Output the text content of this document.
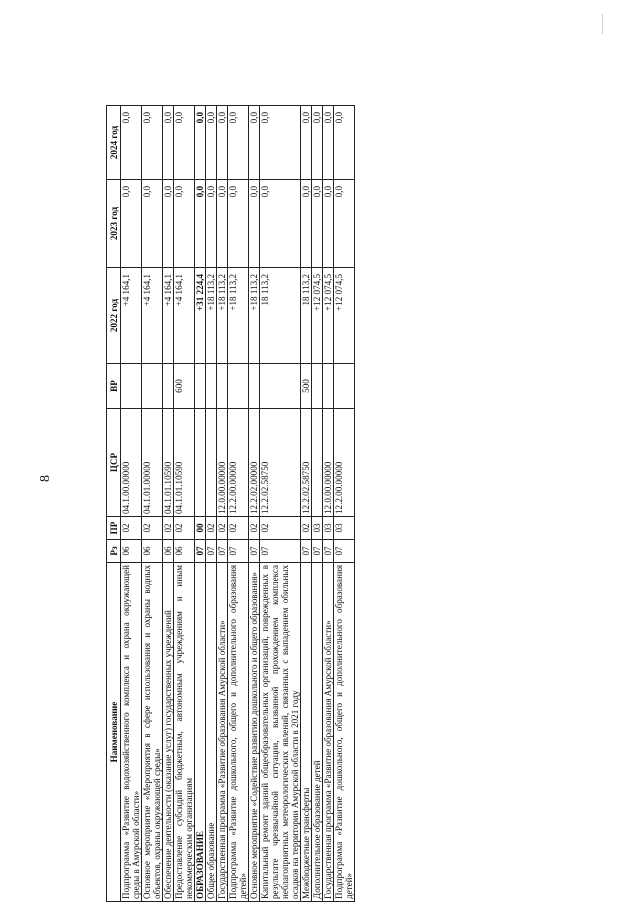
8
Наименование	Рз	ПР	ЦСР	ВР	2022 год	2023 год	2024 год
Подпрограмма «Развитие водохозяйственного комплекса и охрана окружающей среды в Амурской области»	06	02	04.1.00.00000		+4 164,1	0,0	0,0
Основное мероприятие «Мероприятия в сфере использования и охраны водных объектов, охраны окружающей среды»	06	02	04.1.01.00000		+4 164,1	0,0	0,0
Обеспечение деятельности (оказание услуг) государственных учреждений	06	02	04.1.01.10590		+4 164,1	0,0	0,0
Предоставление субсидий бюджетным, автономным учреждениям и иным некоммерческим организациям	06	02	04.1.01.10590	600	+4 164,1	0,0	0,0
ОБРАЗОВАНИЕ	07	00			+31 224,4	0,0	0,0
Общее образование	07	02			+18 113,2	0,0	0,0
Государственная программа «Развитие образования Амурской области»	07	02	12.0.00.00000		+18 113,2	0,0	0,0
Подпрограмма «Развитие дошкольного, общего и дополнительного образования детей»	07	02	12.2.00.00000		+18 113,2	0,0	0,0
Основное мероприятие «Содействие развитию дошкольного и общего образования»	07	02	12.2.02.00000		+18 113,2	0,0	0,0
Капитальный ремонт зданий общеобразовательных организаций, поврежденных в результате чрезвычайной ситуации, вызванной прохождением комплекса неблагоприятных метеорологических явлений, связанных с выпадением обильных осадков на территории Амурской области в 2021 году	07	02	12.2.02.58750		18 113,2	0,0	0,0
Межбюджетные трансферты	07	02	12.2.02.58750	500	18 113,2	0,0	0,0
Дополнительное образование детей	07	03			+12 074,5	0,0	0,0
Государственная программа «Развитие образования Амурской области»	07	03	12.0.00.00000		+12 074,5	0,0	0,0
Подпрограмма «Развитие дошкольного, общего и дополнительного образования детей»	07	03	12.2.00.00000		+12 074,5	0,0	0,0
